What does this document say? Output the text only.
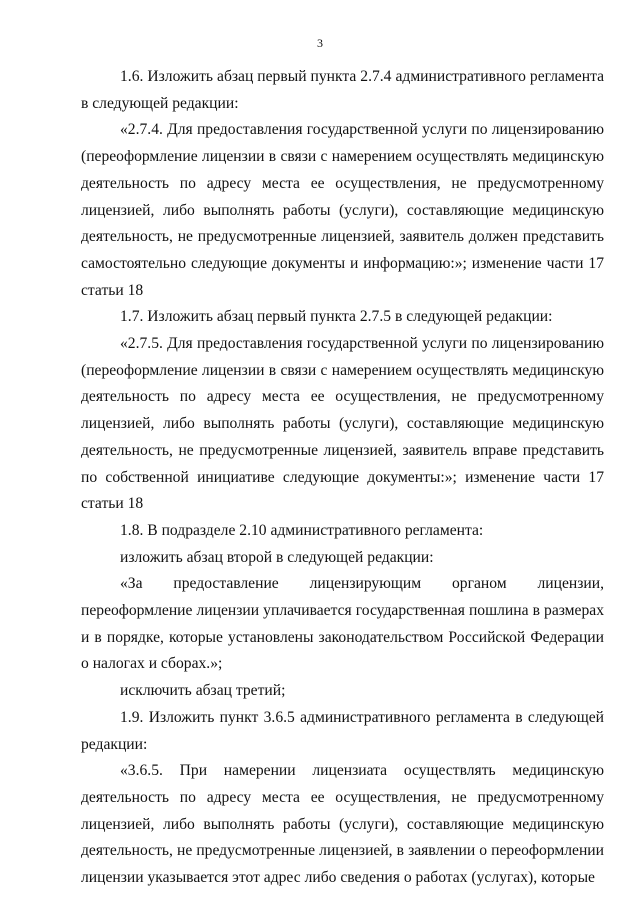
3

1.6. Изложить абзац первый пункта 2.7.4 административного регламента в следующей редакции:

«2.7.4. Для предоставления государственной услуги по лицензированию (переоформление лицензии в связи с намерением осуществлять медицинскую деятельность по адресу места ее осуществления, не предусмотренному лицензией, либо выполнять работы (услуги), составляющие медицинскую деятельность, не предусмотренные лицензией, заявитель должен представить самостоятельно следующие документы и информацию:»; изменение части 17 статьи 18

1.7. Изложить абзац первый пункта 2.7.5 в следующей редакции:

«2.7.5. Для предоставления государственной услуги по лицензированию (переоформление лицензии в связи с намерением осуществлять медицинскую деятельность по адресу места ее осуществления, не предусмотренному лицензией, либо выполнять работы (услуги), составляющие медицинскую деятельность, не предусмотренные лицензией, заявитель вправе представить по собственной инициативе следующие документы:»; изменение части 17 статьи 18

1.8. В подразделе 2.10 административного регламента:

изложить абзац второй в следующей редакции:

«За предоставление лицензирующим органом лицензии, переоформление лицензии уплачивается государственная пошлина в размерах и в порядке, которые установлены законодательством Российской Федерации о налогах и сборах.»;

исключить абзац третий;

1.9. Изложить пункт 3.6.5 административного регламента в следующей редакции:

«3.6.5. При намерении лицензиата осуществлять медицинскую деятельность по адресу места ее осуществления, не предусмотренному лицензией, либо выполнять работы (услуги), составляющие медицинскую деятельность, не предусмотренные лицензией, в заявлении о переоформлении лицензии указывается этот адрес либо сведения о работах (услугах), которые
